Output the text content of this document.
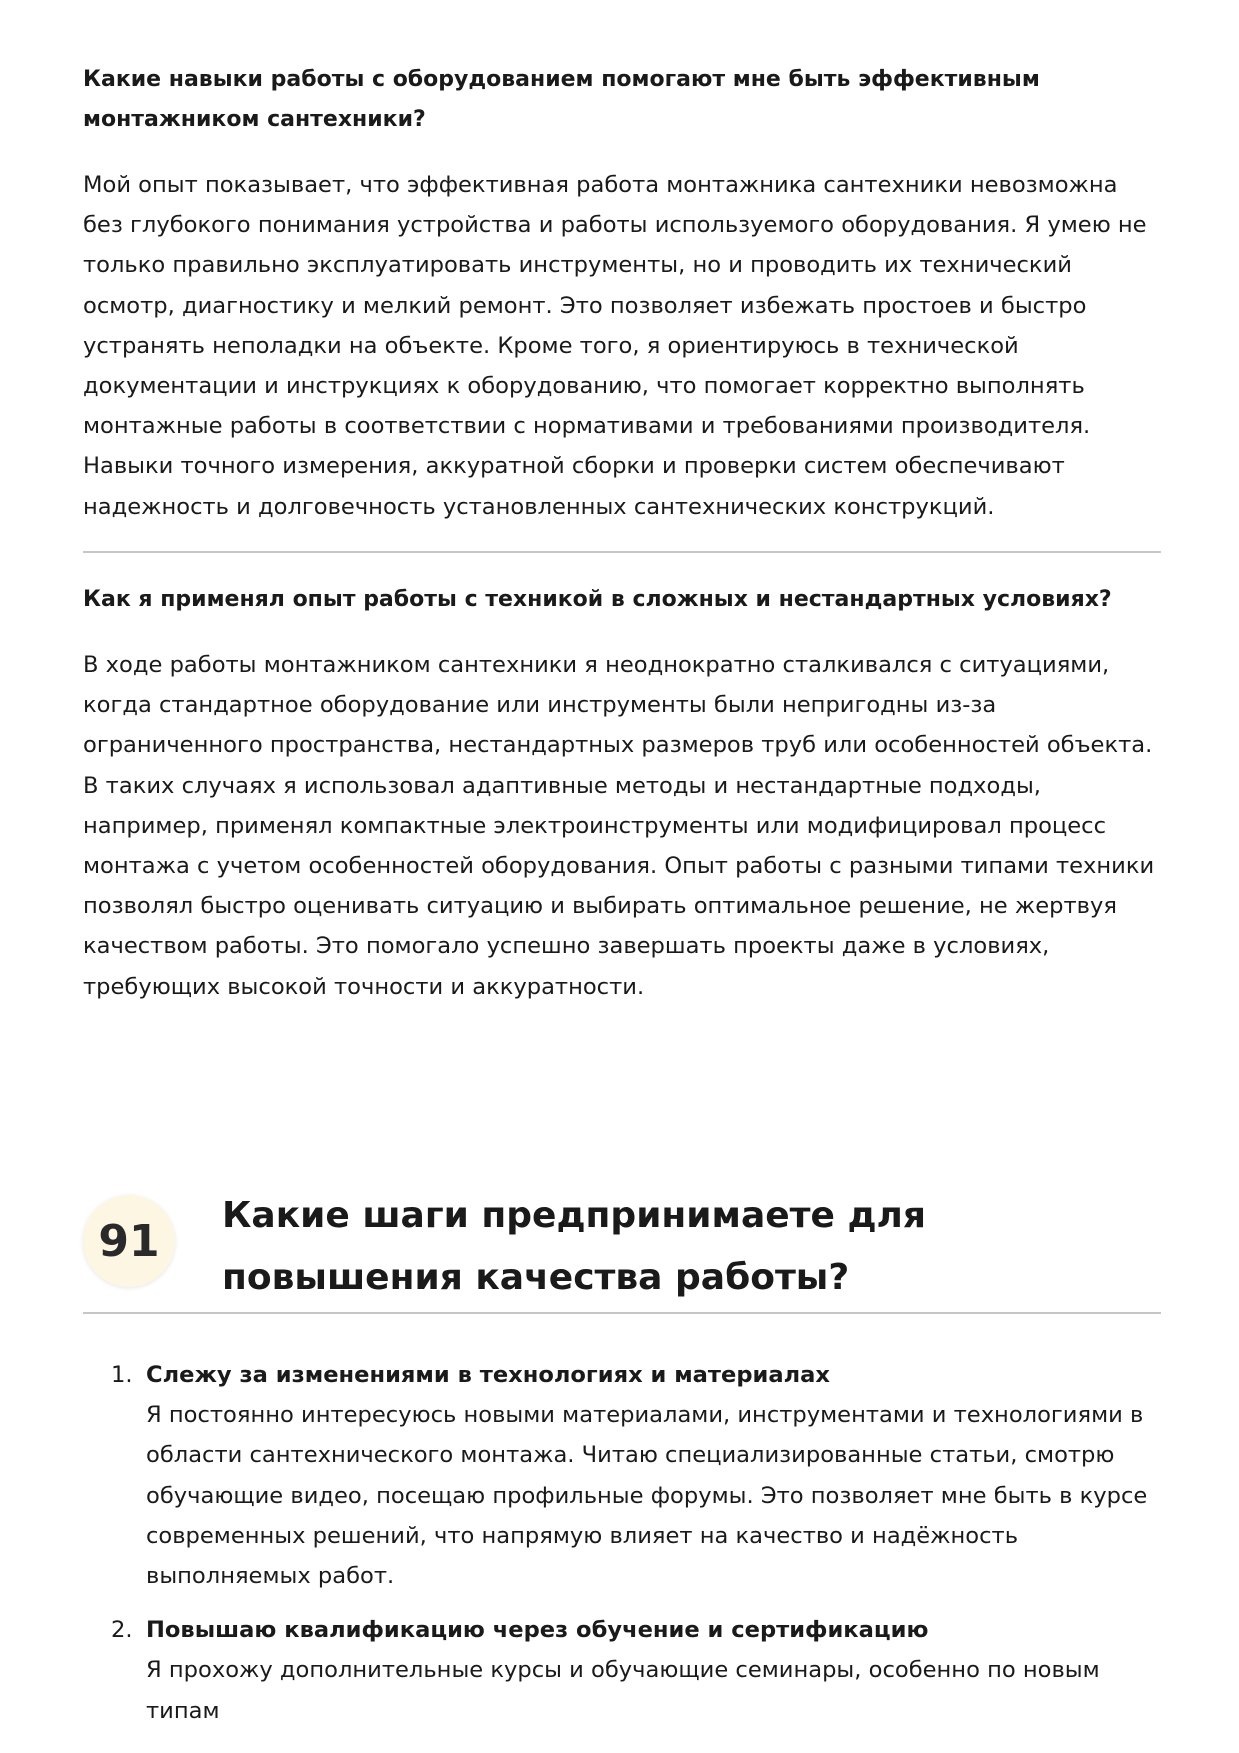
Какие навыки работы с оборудованием помогают мне быть эффективным монтажником сантехники?

Мой опыт показывает, что эффективная работа монтажника сантехники невозможна без глубокого понимания устройства и работы используемого оборудования. Я умею не только правильно эксплуатировать инструменты, но и проводить их технический осмотр, диагностику и мелкий ремонт. Это позволяет избежать простоев и быстро устранять неполадки на объекте. Кроме того, я ориентируюсь в технической документации и инструкциях к оборудованию, что помогает корректно выполнять монтажные работы в соответствии с нормативами и требованиями производителя. Навыки точного измерения, аккуратной сборки и проверки систем обеспечивают надежность и долговечность установленных сантехнических конструкций.

Как я применял опыт работы с техникой в сложных и нестандартных условиях?

В ходе работы монтажником сантехники я неоднократно сталкивался с ситуациями, когда стандартное оборудование или инструменты были непригодны из-за ограниченного пространства, нестандартных размеров труб или особенностей объекта. В таких случаях я использовал адаптивные методы и нестандартные подходы, например, применял компактные электроинструменты или модифицировал процесс монтажа с учетом особенностей оборудования. Опыт работы с разными типами техники позволял быстро оценивать ситуацию и выбирать оптимальное решение, не жертвуя качеством работы. Это помогало успешно завершать проекты даже в условиях, требующих высокой точности и аккуратности.

91	Какие шаги предпринимаете для повышения качества работы?
1. Слежу за изменениями в технологиях и материалах
Я постоянно интересуюсь новыми материалами, инструментами и технологиями в области сантехнического монтажа. Читаю специализированные статьи, смотрю обучающие видео, посещаю профильные форумы. Это позволяет мне быть в курсе современных решений, что напрямую влияет на качество и надёжность выполняемых работ.
2. Повышаю квалификацию через обучение и сертификацию
Я прохожу дополнительные курсы и обучающие семинары, особенно по новым типам
